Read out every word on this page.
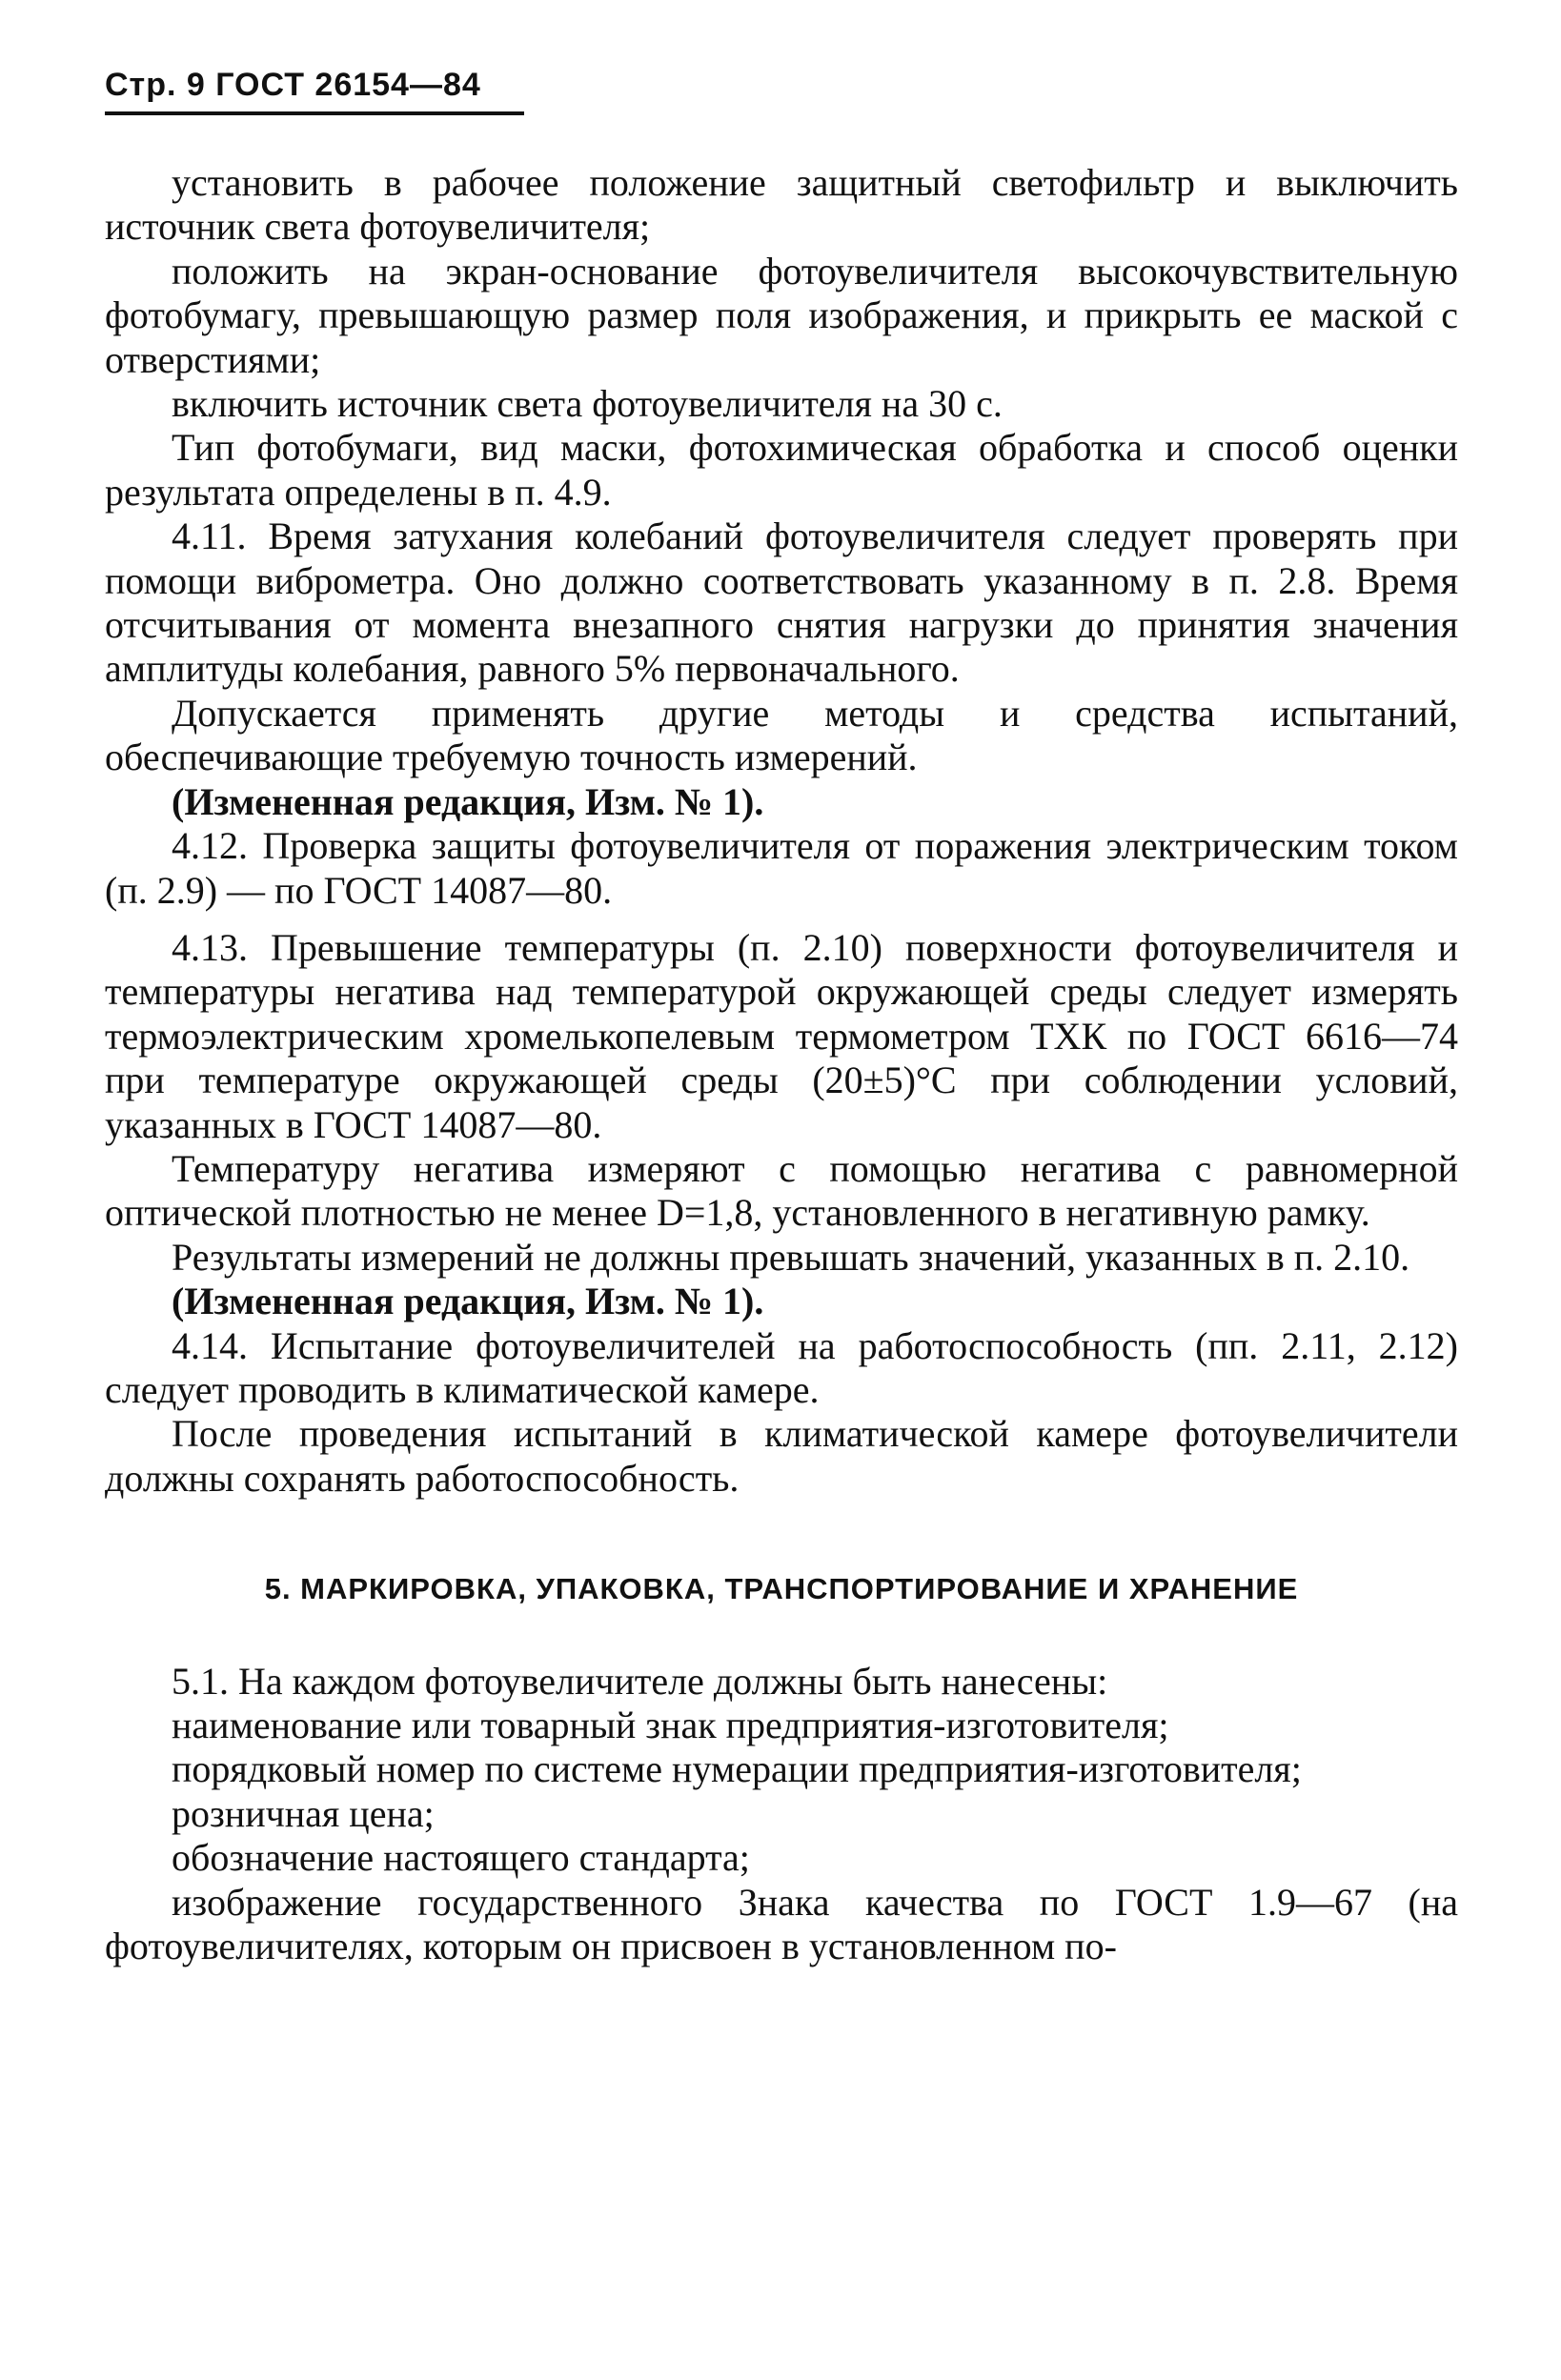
Стр. 9 ГОСТ 26154—84

установить в рабочее положение защитный светофильтр и выключить источник света фотоувеличителя;

положить на экран-основание фотоувеличителя высокочувствительную фотобумагу, превышающую размер поля изображения, и прикрыть ее маской с отверстиями;

включить источник света фотоувеличителя на 30 с.

Тип фотобумаги, вид маски, фотохимическая обработка и способ оценки результата определены в п. 4.9.

4.11. Время затухания колебаний фотоувеличителя следует проверять при помощи виброметра. Оно должно соответствовать указанному в п. 2.8. Время отсчитывания от момента внезапного снятия нагрузки до принятия значения амплитуды колебания, равного 5% первоначального.

Допускается применять другие методы и средства испытаний, обеспечивающие требуемую точность измерений.

(Измененная редакция, Изм. № 1).

4.12. Проверка защиты фотоувеличителя от поражения электрическим током (п. 2.9) — по ГОСТ 14087—80.

4.13. Превышение температуры (п. 2.10) поверхности фотоувеличителя и температуры негатива над температурой окружающей среды следует измерять термоэлектрическим хромелькопелевым термометром ТХК по ГОСТ 6616—74 при температуре окружающей среды (20±5)°С при соблюдении условий, указанных в ГОСТ 14087—80.

Температуру негатива измеряют с помощью негатива с равномерной оптической плотностью не менее D=1,8, установленного в негативную рамку.

Результаты измерений не должны превышать значений, указанных в п. 2.10.

(Измененная редакция, Изм. № 1).

4.14. Испытание фотоувеличителей на работоспособность (пп. 2.11, 2.12) следует проводить в климатической камере.

После проведения испытаний в климатической камере фотоувеличители должны сохранять работоспособность.

5. МАРКИРОВКА, УПАКОВКА, ТРАНСПОРТИРОВАНИЕ И ХРАНЕНИЕ

5.1. На каждом фотоувеличителе должны быть нанесены:

наименование или товарный знак предприятия-изготовителя;

порядковый номер по системе нумерации предприятия-изготовителя;

розничная цена;

обозначение настоящего стандарта;

изображение государственного Знака качества по ГОСТ 1.9—67 (на фотоувеличителях, которым он присвоен в установленном по-
